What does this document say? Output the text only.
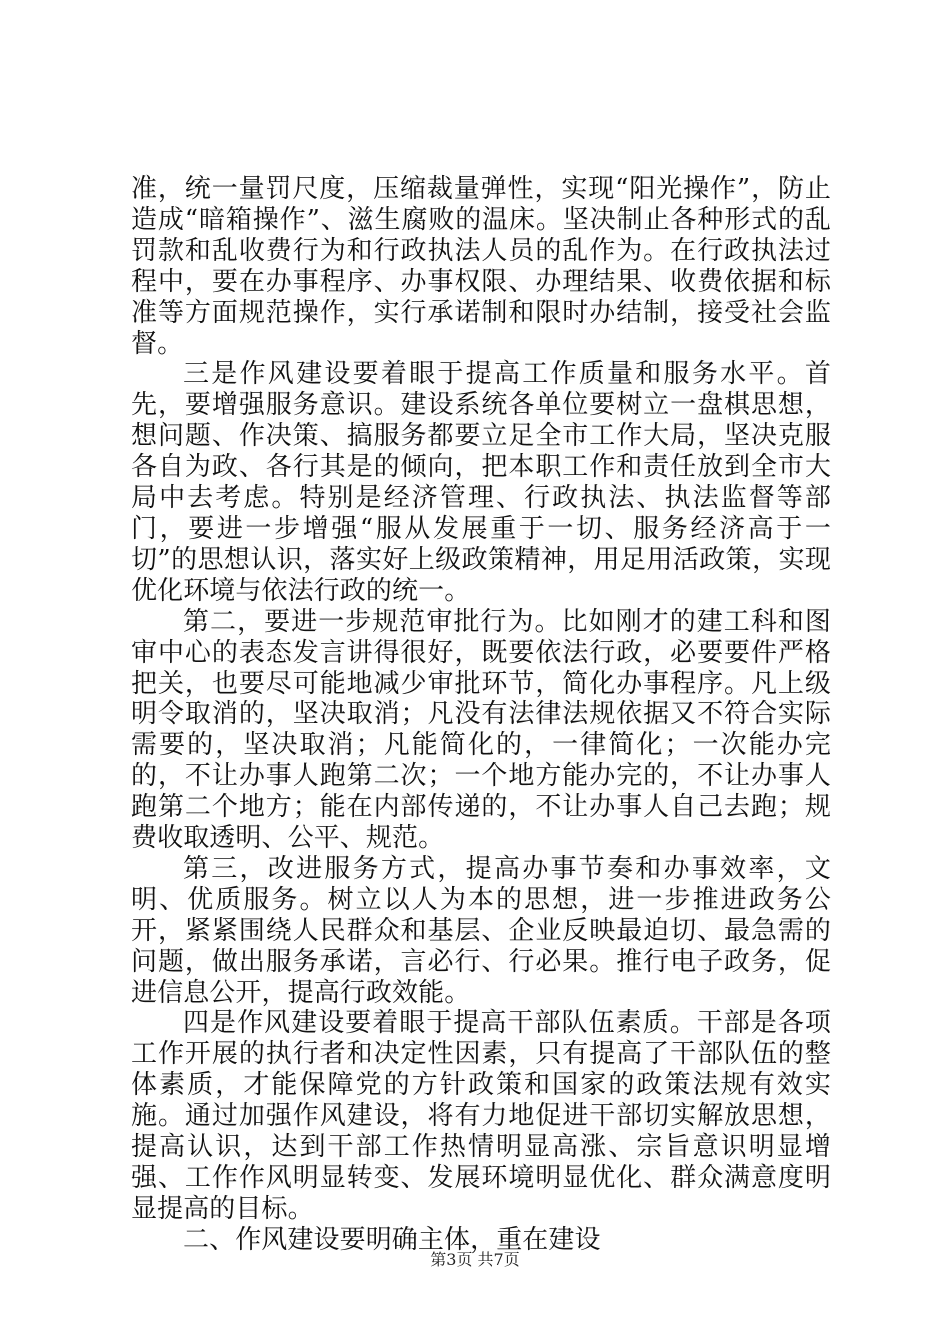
准，统一量罚尺度，压缩裁量弹性，实现“阳光操作”，防止造成“暗箱操作”、滋生腐败的温床。坚决制止各种形式的乱罚款和乱收费行为和行政执法人员的乱作为。在行政执法过程中，要在办事程序、办事权限、办理结果、收费依据和标准等方面规范操作，实行承诺制和限时办结制，接受社会监督。

三是作风建设要着眼于提高工作质量和服务水平。首先，要增强服务意识。建设系统各单位要树立一盘棋思想，想问题、作决策、搞服务都要立足全市工作大局，坚决克服各自为政、各行其是的倾向，把本职工作和责任放到全市大局中去考虑。特别是经济管理、行政执法、执法监督等部门，要进一步增强“服从发展重于一切、服务经济高于一切”的思想认识，落实好上级政策精神，用足用活政策，实现优化环境与依法行政的统一。

第二，要进一步规范审批行为。比如刚才的建工科和图审中心的表态发言讲得很好，既要依法行政，必要要件严格把关，也要尽可能地减少审批环节，简化办事程序。凡上级明令取消的，坚决取消；凡没有法律法规依据又不符合实际需要的，坚决取消；凡能简化的，一律简化；一次能办完的，不让办事人跑第二次；一个地方能办完的，不让办事人跑第二个地方；能在内部传递的，不让办事人自己去跑；规费收取透明、公平、规范。

第三，改进服务方式，提高办事节奏和办事效率，文明、优质服务。树立以人为本的思想，进一步推进政务公开，紧紧围绕人民群众和基层、企业反映最迫切、最急需的问题，做出服务承诺，言必行、行必果。推行电子政务，促进信息公开，提高行政效能。

四是作风建设要着眼于提高干部队伍素质。干部是各项工作开展的执行者和决定性因素，只有提高了干部队伍的整体素质，才能保障党的方针政策和国家的政策法规有效实施。通过加强作风建设，将有力地促进干部切实解放思想，提高认识，达到干部工作热情明显高涨、宗旨意识明显增强、工作作风明显转变、发展环境明显优化、群众满意度明显提高的目标。

二、作风建设要明确主体，重在建设

第3页 共7页
